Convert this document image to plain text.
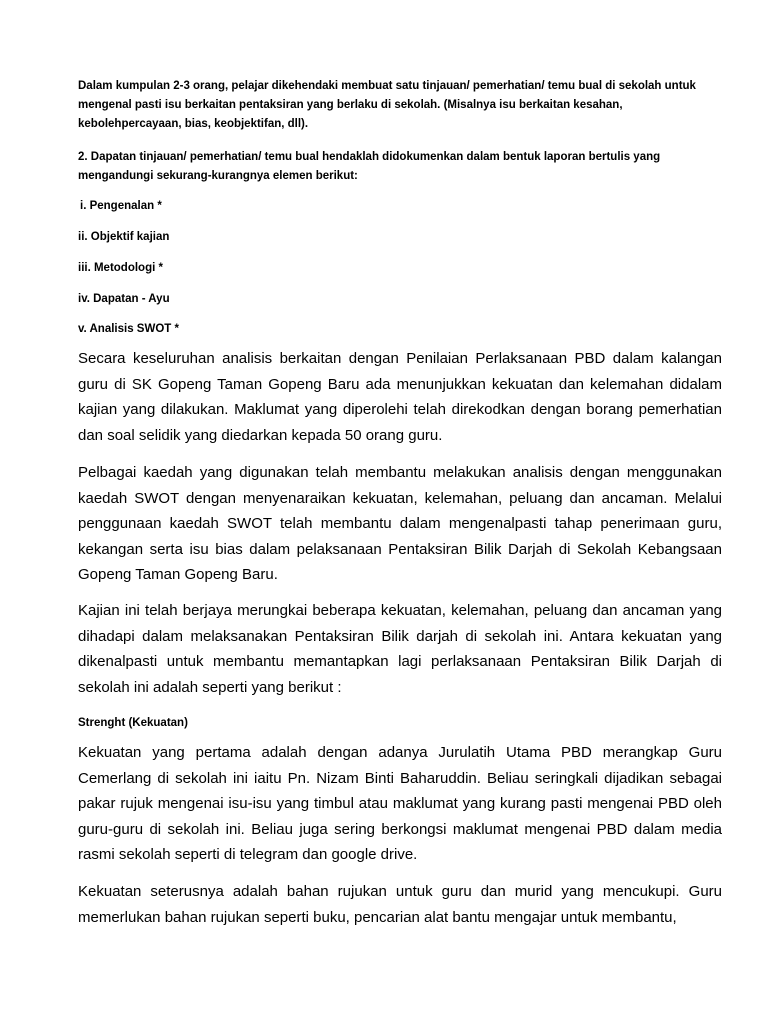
Dalam kumpulan 2-3 orang, pelajar dikehendaki membuat satu tinjauan/ pemerhatian/ temu bual di sekolah untuk mengenal pasti isu berkaitan pentaksiran yang berlaku di sekolah. (Misalnya isu berkaitan kesahan, kebolehpercayaan, bias, keobjektifan, dll).

2. Dapatan tinjauan/ pemerhatian/ temu bual hendaklah didokumenkan dalam bentuk laporan bertulis yang mengandungi sekurang-kurangnya elemen berikut:

i. Pengenalan *
ii. Objektif kajian
iii. Metodologi *
iv. Dapatan - Ayu
v. Analisis SWOT *

Secara keseluruhan analisis berkaitan dengan Penilaian Perlaksanaan PBD dalam kalangan guru di SK Gopeng Taman Gopeng Baru ada menunjukkan kekuatan dan kelemahan didalam kajian yang dilakukan. Maklumat yang diperolehi telah direkodkan dengan borang pemerhatian dan soal selidik yang diedarkan kepada 50 orang guru.

Pelbagai kaedah yang digunakan telah membantu melakukan analisis dengan menggunakan kaedah SWOT dengan menyenaraikan kekuatan, kelemahan, peluang dan ancaman. Melalui penggunaan kaedah SWOT telah membantu dalam mengenalpasti tahap penerimaan guru, kekangan serta isu bias dalam pelaksanaan Pentaksiran Bilik Darjah di Sekolah Kebangsaan Gopeng Taman Gopeng Baru.

Kajian ini telah berjaya merungkai beberapa kekuatan, kelemahan, peluang dan ancaman yang dihadapi dalam melaksanakan Pentaksiran Bilik darjah di sekolah ini. Antara kekuatan yang dikenalpasti untuk membantu memantapkan lagi perlaksanaan Pentaksiran Bilik Darjah di sekolah ini adalah seperti yang berikut :

Strenght (Kekuatan)

Kekuatan yang pertama adalah dengan adanya Jurulatih Utama PBD merangkap Guru Cemerlang di sekolah ini iaitu Pn. Nizam Binti Baharuddin. Beliau seringkali dijadikan sebagai pakar rujuk mengenai isu-isu yang timbul atau maklumat yang kurang pasti mengenai PBD oleh guru-guru di sekolah ini. Beliau juga sering berkongsi maklumat mengenai PBD dalam media rasmi sekolah seperti di telegram dan google drive.

Kekuatan seterusnya adalah bahan rujukan untuk guru dan murid yang mencukupi. Guru memerlukan bahan rujukan seperti buku, pencarian alat bantu mengajar untuk membantu,
